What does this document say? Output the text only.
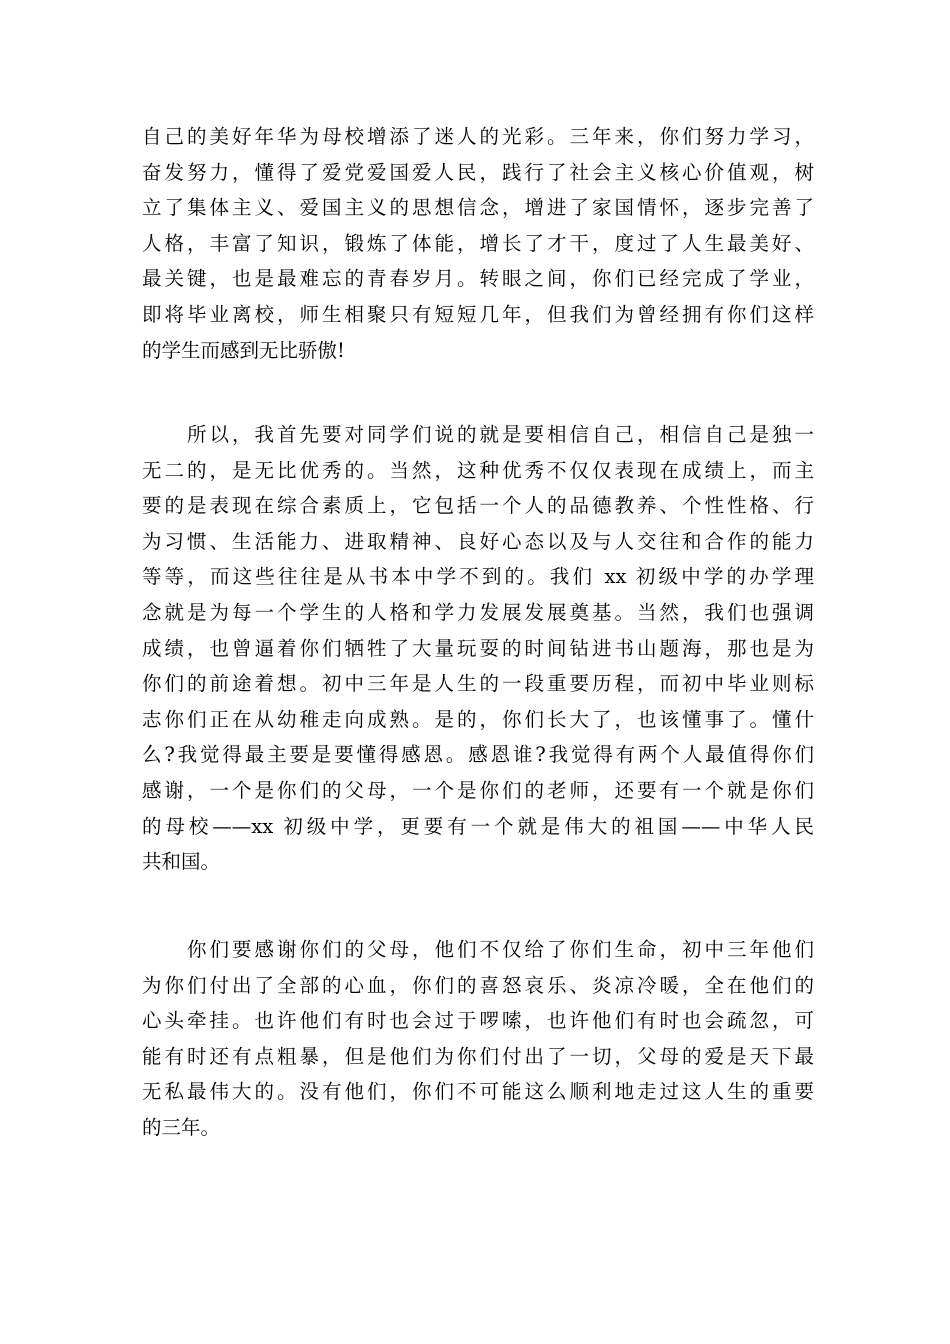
自己的美好年华为母校增添了迷人的光彩。三年来，你们努力学习，
奋发努力，懂得了爱党爱国爱人民，践行了社会主义核心价值观，树
立了集体主义、爱国主义的思想信念，增进了家国情怀，逐步完善了
人格，丰富了知识，锻炼了体能，增长了才干，度过了人生最美好、
最关键，也是最难忘的青春岁月。转眼之间，你们已经完成了学业，
即将毕业离校，师生相聚只有短短几年，但我们为曾经拥有你们这样
的学生而感到无比骄傲!
　　所以，我首先要对同学们说的就是要相信自己，相信自己是独一
无二的，是无比优秀的。当然，这种优秀不仅仅表现在成绩上，而主
要的是表现在综合素质上，它包括一个人的品德教养、个性性格、行
为习惯、生活能力、进取精神、良好心态以及与人交往和合作的能力
等等，而这些往往是从书本中学不到的。我们 xx 初级中学的办学理
念就是为每一个学生的人格和学力发展发展奠基。当然，我们也强调
成绩，也曾逼着你们牺牲了大量玩耍的时间钻进书山题海，那也是为
你们的前途着想。初中三年是人生的一段重要历程，而初中毕业则标
志你们正在从幼稚走向成熟。是的，你们长大了，也该懂事了。懂什
么?我觉得最主要是要懂得感恩。感恩谁?我觉得有两个人最值得你们
感谢，一个是你们的父母，一个是你们的老师，还要有一个就是你们
的母校——xx 初级中学，更要有一个就是伟大的祖国——中华人民
共和国。
　　你们要感谢你们的父母，他们不仅给了你们生命，初中三年他们
为你们付出了全部的心血，你们的喜怒哀乐、炎凉冷暖，全在他们的
心头牵挂。也许他们有时也会过于啰嗦，也许他们有时也会疏忽，可
能有时还有点粗暴，但是他们为你们付出了一切，父母的爱是天下最
无私最伟大的。没有他们，你们不可能这么顺利地走过这人生的重要
的三年。
